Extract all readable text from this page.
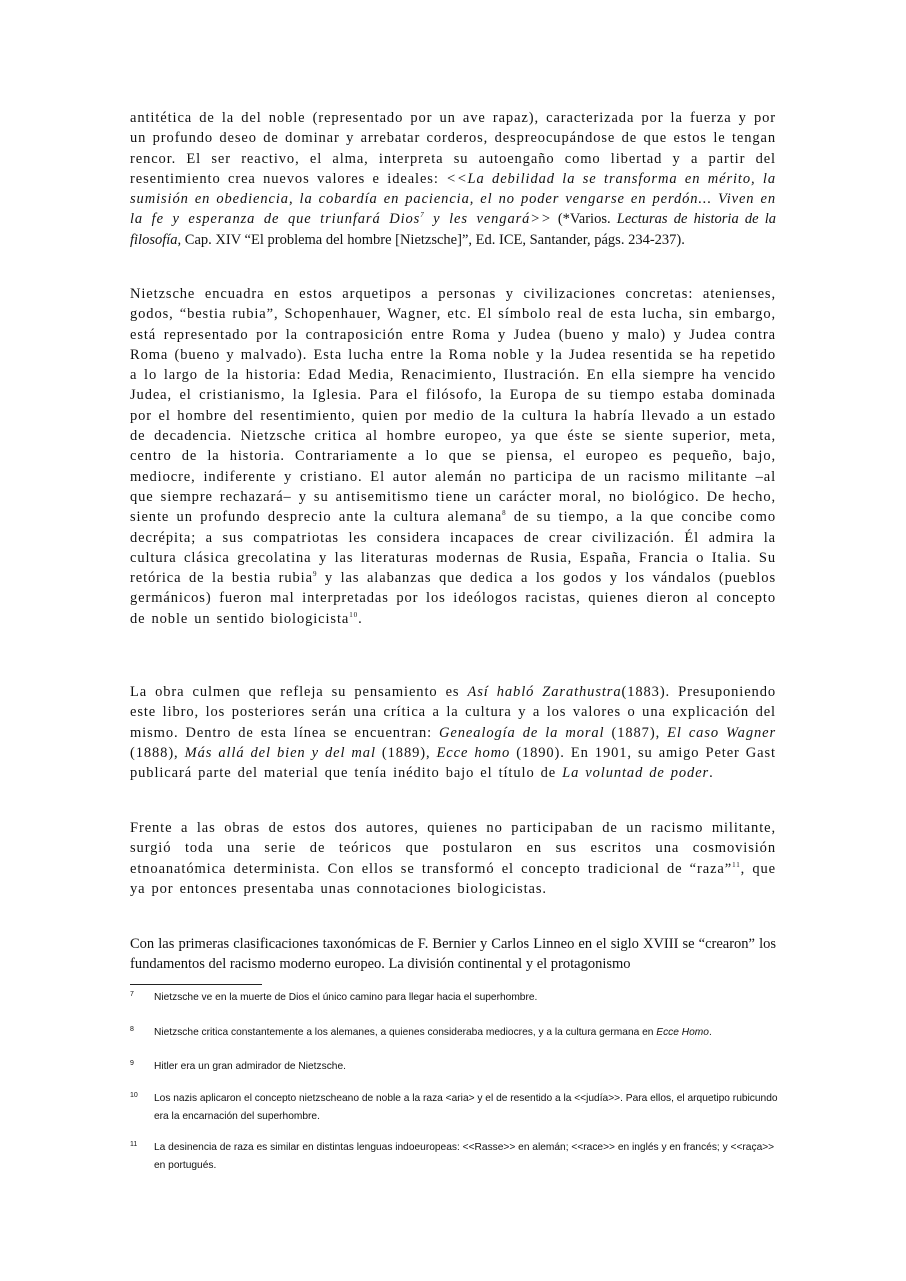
antitética de la del noble (representado por un ave rapaz), caracterizada por la fuerza y por un profundo deseo de dominar y arrebatar corderos, despreocupándose de que estos le tengan rencor. El ser reactivo, el alma, interpreta su autoengaño como libertad y a partir del resentimiento crea nuevos valores e ideales: <<La debilidad la se transforma en mérito, la sumisión en obediencia, la cobardía en paciencia, el no poder vengarse en perdón... Viven en la fe y esperanza de que triunfará Dios$^7$ y les vengará>> (*Varios. Lecturas de historia de la filosofía, Cap. XIV “El problema del hombre [Nietzsche]”, Ed. ICE, Santander, págs. 234-237).

Nietzsche encuadra en estos arquetipos a personas y civilizaciones concretas: atenienses, godos, “bestia rubia”, Schopenhauer, Wagner, etc. El símbolo real de esta lucha, sin embargo, está representado por la contraposición entre Roma y Judea (bueno y malo) y Judea contra Roma (bueno y malvado). Esta lucha entre la Roma noble y la Judea resentida se ha repetido a lo largo de la historia: Edad Media, Renacimiento, Ilustración. En ella siempre ha vencido Judea, el cristianismo, la Iglesia. Para el filósofo, la Europa de su tiempo estaba dominada por el hombre del resentimiento, quien por medio de la cultura la habría llevado a un estado de decadencia. Nietzsche critica al hombre europeo, ya que éste se siente superior, meta, centro de la historia. Contrariamente a lo que se piensa, el europeo es pequeño, bajo, mediocre, indiferente y cristiano. El autor alemán no participa de un racismo militante –al que siempre rechazará– y su antisemitismo tiene un carácter moral, no biológico. De hecho, siente un profundo desprecio ante la cultura alemana$^8$ de su tiempo, a la que concibe como decrépita; a sus compatriotas les considera incapaces de crear civilización. Él admira la cultura clásica grecolatina y las literaturas modernas de Rusia, España, Francia o Italia. Su retórica de la bestia rubia$^9$ y las alabanzas que dedica a los godos y los vándalos (pueblos germánicos) fueron mal interpretadas por los ideólogos racistas, quienes dieron al concepto de noble un sentido biologicista$^{10}$.

La obra culmen que refleja su pensamiento es Así habló Zarathustra(1883). Presuponiendo este libro, los posteriores serán una crítica a la cultura y a los valores o una explicación del mismo. Dentro de esta línea se encuentran: Genealogía de la moral (1887), El caso Wagner (1888), Más allá del bien y del mal (1889), Ecce homo (1890). En 1901, su amigo Peter Gast publicará parte del material que tenía inédito bajo el título de La voluntad de poder.

Frente a las obras de estos dos autores, quienes no participaban de un racismo militante, surgió toda una serie de teóricos que postularon en sus escritos una cosmovisión etnoanatómica determinista. Con ellos se transformó el concepto tradicional de “raza”$^{11}$, que ya por entonces presentaba unas connotaciones biologicistas.

Con las primeras clasificaciones taxonómicas de F. Bernier y Carlos Linneo en el siglo XVIII se “crearon” los fundamentos del racismo moderno europeo. La división continental y el protagonismo

7	Nietzsche ve en la muerte de Dios el único camino para llegar hacia el superhombre.

8	Nietzsche critica constantemente a los alemanes, a quienes consideraba mediocres, y a la cultura germana en Ecce Homo.

9	Hitler era un gran admirador de Nietzsche.

10	Los nazis aplicaron el concepto nietzscheano de noble a la raza <aria> y el de resentido a la <<judía>>. Para ellos, el arquetipo rubicundo era la encarnación del superhombre.

11	La desinencia de raza es similar en distintas lenguas indoeuropeas: <<Rasse>> en alemán; <<race>> en inglés y en francés; y <<raça>> en portugués.
